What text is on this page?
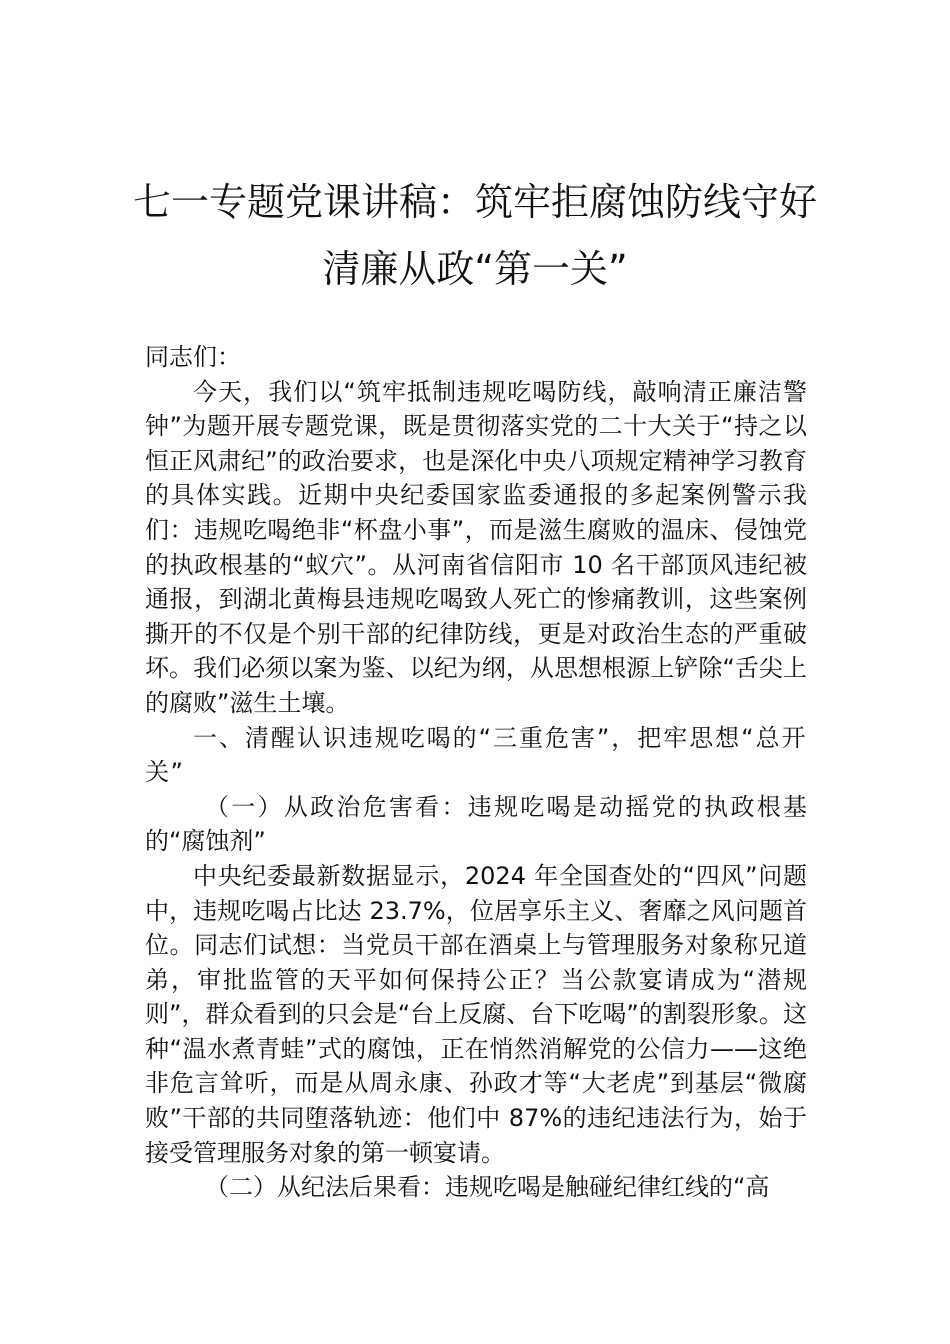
七一专题党课讲稿：筑牢拒腐蚀防线守好
清廉从政“第一关”

同志们：

今天，我们以“筑牢抵制违规吃喝防线，敲响清正廉洁警钟”为题开展专题党课，既是贯彻落实党的二十大关于“持之以恒正风肃纪”的政治要求，也是深化中央八项规定精神学习教育的具体实践。近期中央纪委国家监委通报的多起案例警示我们：违规吃喝绝非“杯盘小事”，而是滋生腐败的温床、侵蚀党的执政根基的“蚁穴”。从河南省信阳市 10 名干部顶风违纪被通报，到湖北黄梅县违规吃喝致人死亡的惨痛教训，这些案例撕开的不仅是个别干部的纪律防线，更是对政治生态的严重破坏。我们必须以案为鉴、以纪为纲，从思想根源上铲除“舌尖上的腐败”滋生土壤。

一、清醒认识违规吃喝的“三重危害”，把牢思想“总开关”

（一）从政治危害看：违规吃喝是动摇党的执政根基的“腐蚀剂”

中央纪委最新数据显示，2024 年全国查处的“四风”问题中，违规吃喝占比达 23.7%，位居享乐主义、奢靡之风问题首位。同志们试想：当党员干部在酒桌上与管理服务对象称兄道弟，审批监管的天平如何保持公正？当公款宴请成为“潜规则”，群众看到的只会是“台上反腐、台下吃喝”的割裂形象。这种“温水煮青蛙”式的腐蚀，正在悄然消解党的公信力——这绝非危言耸听，而是从周永康、孙政才等“大老虎”到基层“微腐败”干部的共同堕落轨迹：他们中 87%的违纪违法行为，始于接受管理服务对象的第一顿宴请。

（二）从纪法后果看：违规吃喝是触碰纪律红线的“高
